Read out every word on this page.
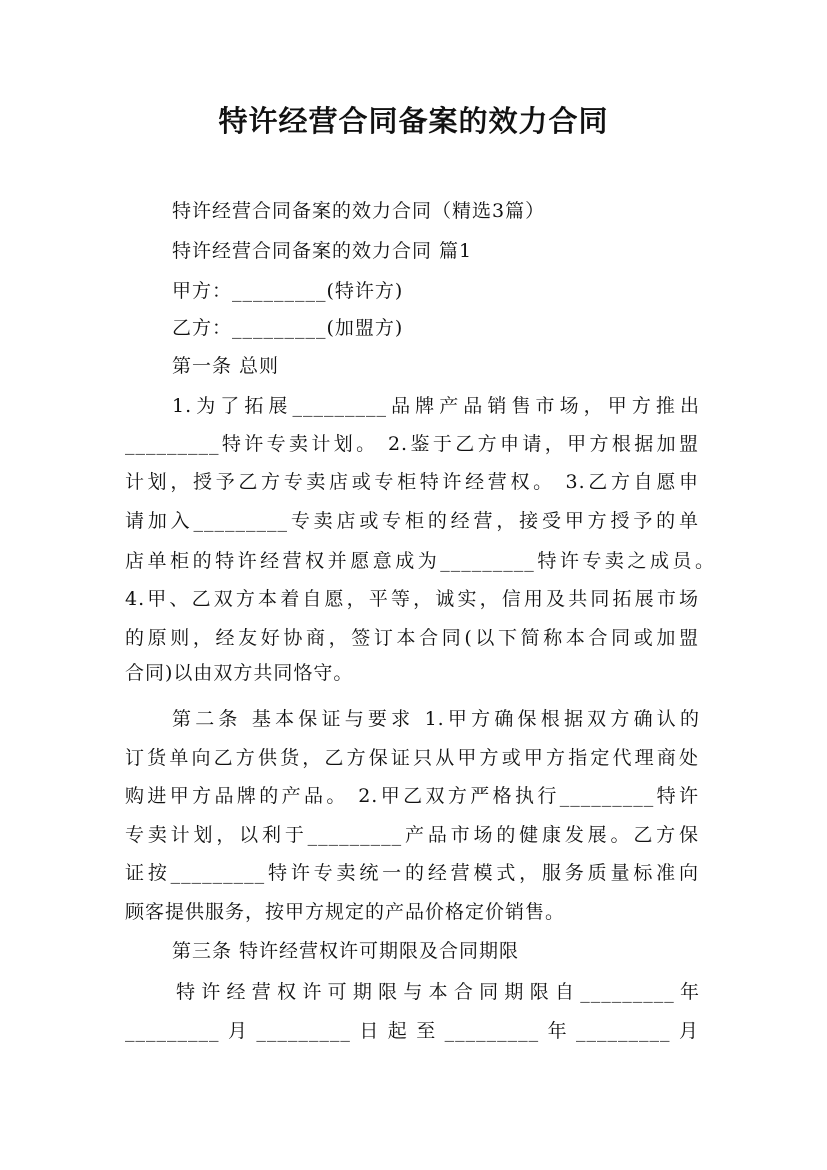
特许经营合同备案的效力合同
特许经营合同备案的效力合同（精选3篇）
特许经营合同备案的效力合同 篇1
甲方：_________(特许方)
乙方：_________(加盟方)
第一条 总则
1.为了拓展_________品牌产品销售市场，甲方推出
_________特许专卖计划。 2.鉴于乙方申请，甲方根据加盟
计划，授予乙方专卖店或专柜特许经营权。 3.乙方自愿申
请加入_________专卖店或专柜的经营，接受甲方授予的单
店单柜的特许经营权并愿意成为_________特许专卖之成员。
4.甲、乙双方本着自愿，平等，诚实，信用及共同拓展市场
的原则，经友好协商，签订本合同(以下简称本合同或加盟
合同)以由双方共同恪守。
第二条 基本保证与要求 1.甲方确保根据双方确认的
订货单向乙方供货，乙方保证只从甲方或甲方指定代理商处
购进甲方品牌的产品。 2.甲乙双方严格执行_________特许
专卖计划，以利于_________产品市场的健康发展。乙方保
证按_________特许专卖统一的经营模式，服务质量标准向
顾客提供服务，按甲方规定的产品价格定价销售。
第三条 特许经营权许可期限及合同期限
特许经营权许可期限与本合同期限自_________年
_________月_________日起至_________年_________月
